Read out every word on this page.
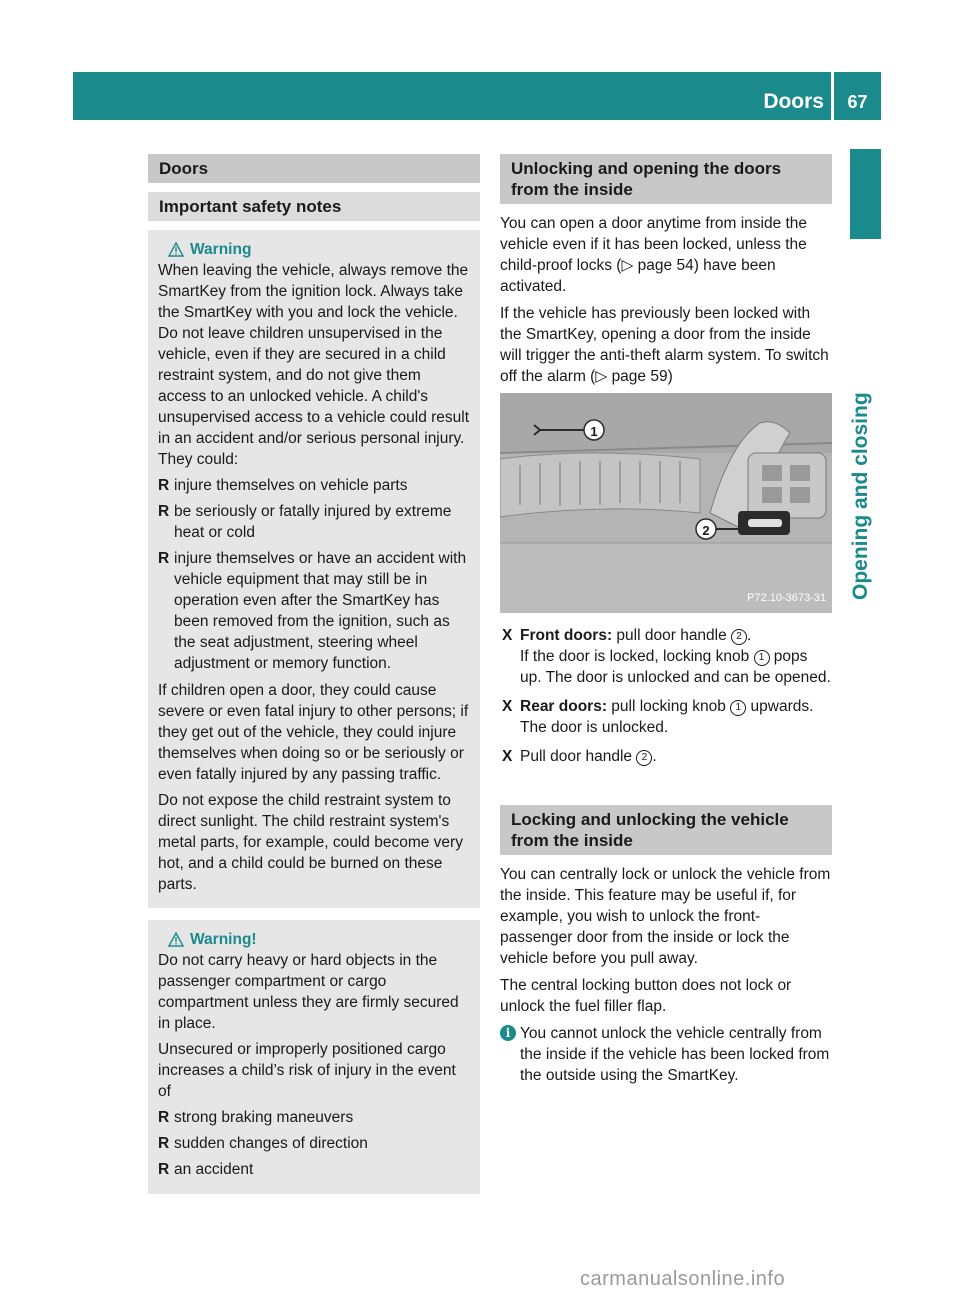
Doors	67
Opening and closing
Doors
Important safety notes
Warning

When leaving the vehicle, always remove the SmartKey from the ignition lock. Always take the SmartKey with you and lock the vehicle. Do not leave children unsupervised in the vehicle, even if they are secured in a child restraint system, and do not give them access to an unlocked vehicle. A child's unsupervised access to a vehicle could result in an accident and/or serious personal injury. They could:

R injure themselves on vehicle parts
R be seriously or fatally injured by extreme heat or cold
R injure themselves or have an accident with vehicle equipment that may still be in operation even after the SmartKey has been removed from the ignition, such as the seat adjustment, steering wheel adjustment or memory function.

If children open a door, they could cause severe or even fatal injury to other persons; if they get out of the vehicle, they could injure themselves when doing so or be seriously or even fatally injured by any passing traffic.

Do not expose the child restraint system to direct sunlight. The child restraint system's metal parts, for example, could become very hot, and a child could be burned on these parts.

Warning!

Do not carry heavy or hard objects in the passenger compartment or cargo compartment unless they are firmly secured in place.

Unsecured or improperly positioned cargo increases a child’s risk of injury in the event of

R strong braking maneuvers
R sudden changes of direction
R an accident
Unlocking and opening the doors from the inside

You can open a door anytime from inside the vehicle even if it has been locked, unless the child-proof locks (▷ page 54) have been activated.

If the vehicle has previously been locked with the SmartKey, opening a door from the inside will trigger the anti-theft alarm system. To switch off the alarm (▷ page 59)

1
2
P72.10-3673-31
X Front doors: pull door handle 2 .
If the door is locked, locking knob 1 pops up. The door is unlocked and can be opened.
X Rear doors: pull locking knob 1 upwards.
The door is unlocked.
X Pull door handle 2 .
Locking and unlocking the vehicle from the inside

You can centrally lock or unlock the vehicle from the inside. This feature may be useful if, for example, you wish to unlock the front-passenger door from the inside or lock the vehicle before you pull away.

The central locking button does not lock or unlock the fuel filler flap.

i You cannot unlock the vehicle centrally from the inside if the vehicle has been locked from the outside using the SmartKey.
carmanualsonline.info
